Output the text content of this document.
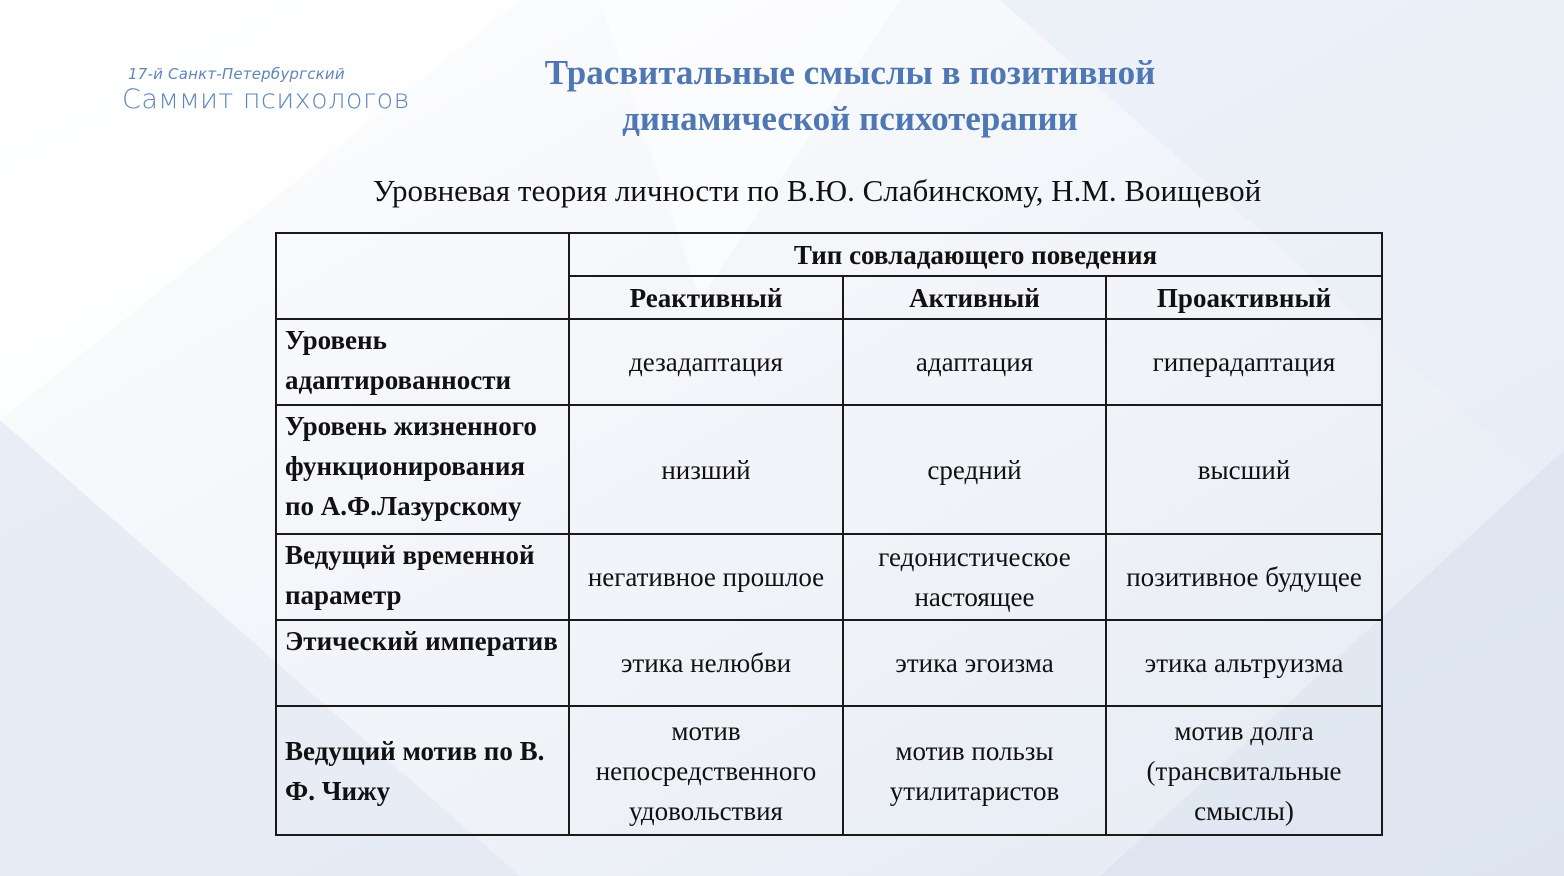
17-й Санкт-Петербургский
Саммит психологов
Трасвитальные смыслы в позитивной
динамической психотерапии
Уровневая теория личности по В.Ю. Слабинскому, Н.М. Воищевой
	Тип совладающего поведения		
	Реактивный	Активный	Проактивный
Уровень адаптированности	дезадаптация	адаптация	гиперадаптация
Уровень жизненного функционирования по А.Ф.Лазурскому	низший	средний	высший
Ведущий временной параметр	негативное прошлое	гедонистическое настоящее	позитивное будущее
Этический императив	этика нелюбви	этика эгоизма	этика альтруизма
Ведущий мотив по В. Ф. Чижу	мотив непосредственного удовольствия	мотив пользы утилитаристов	мотив долга (трансвитальные смыслы)
